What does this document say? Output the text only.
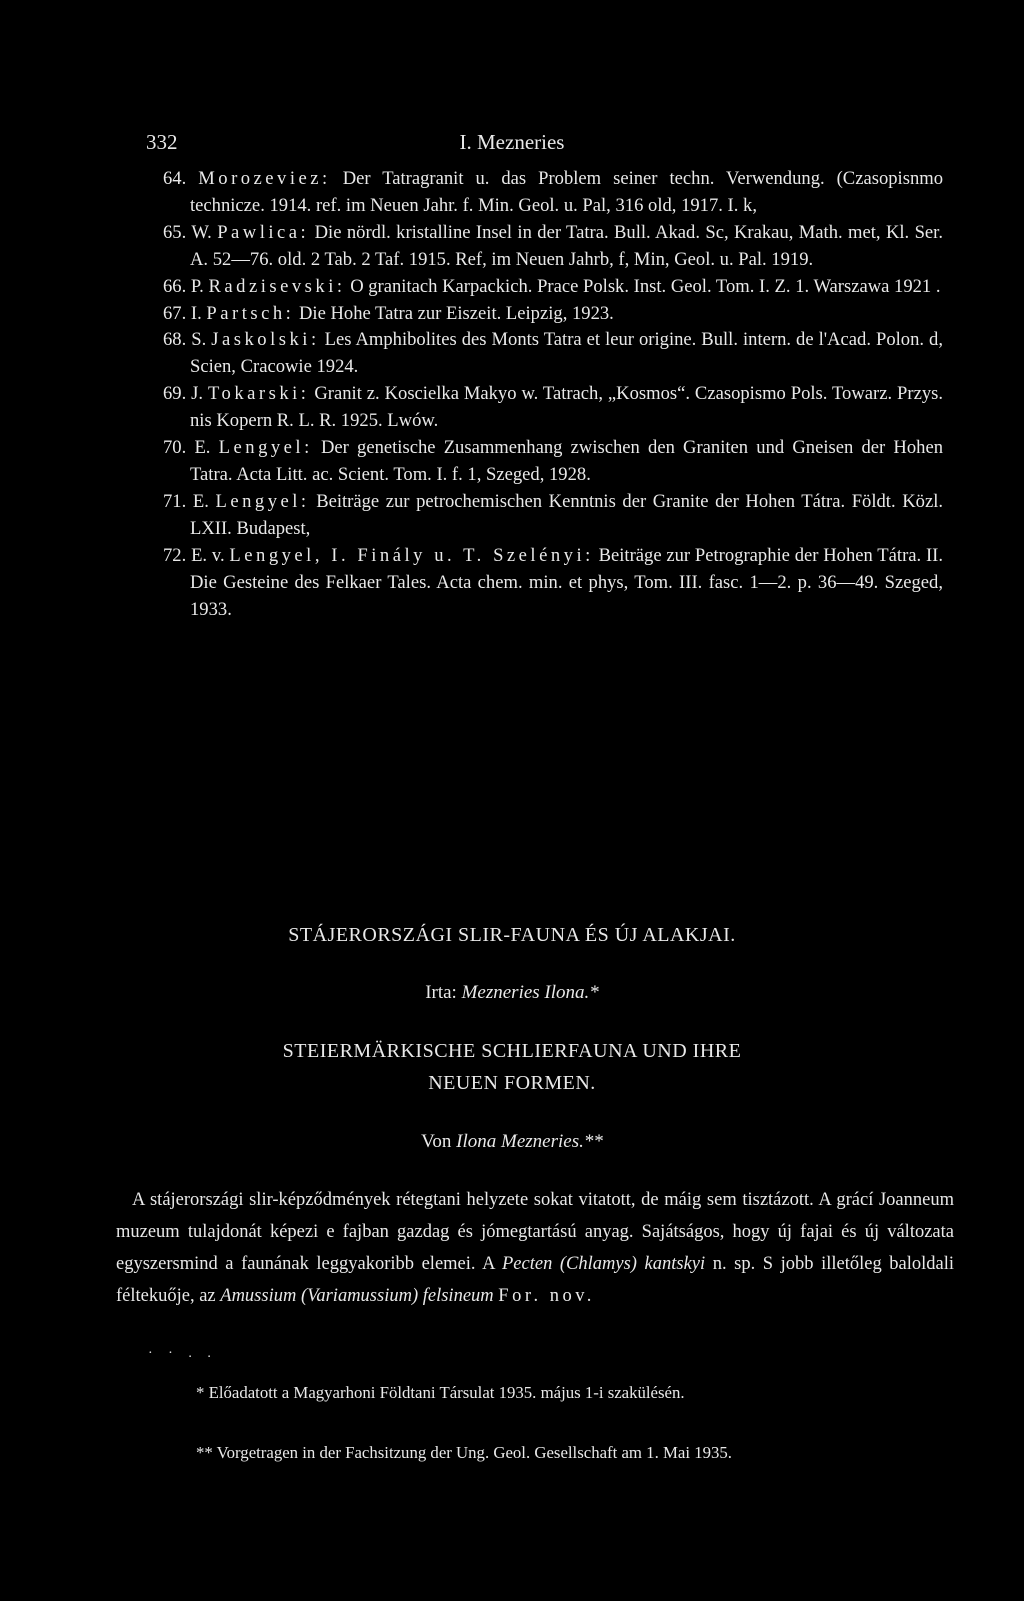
332	I. Mezneries
64. Morozeviez: Der Tatragranit u. das Problem seiner techn. Verwendung. (Czasopisnmo technicze. 1914. ref. im Neuen Jahr. f. Min. Geol. u. Pal, 316 old, 1917. I. k,
65. W. Pawlica: Die nördl. kristalline Insel in der Tatra. Bull. Akad. Sc, Krakau, Math. met, Kl. Ser. A. 52—76. old. 2 Tab. 2 Taf. 1915. Ref, im Neuen Jahrb, f, Min, Geol. u. Pal. 1919.
66. P. Radzisevski: O granitach Karpackich. Prace Polsk. Inst. Geol. Tom. I. Z. 1. Warszawa 1921 .
67. I. Partsch: Die Hohe Tatra zur Eiszeit. Leipzig, 1923.
68. S. Jaskolski: Les Amphibolites des Monts Tatra et leur origine. Bull. intern. de l'Acad. Polon. d, Scien, Cracowie 1924.
69. J. Tokarski: Granit z. Koscielka Makyo w. Tatrach, „Kosmos“. Czasopismo Pols. Towarz. Przys. nis Kopern R. L. R. 1925. Lwów.
70. E. Lengyel: Der genetische Zusammenhang zwischen den Graniten und Gneisen der Hohen Tatra. Acta Litt. ac. Scient. Tom. I. f. 1, Szeged, 1928.
71. E. Lengyel: Beiträge zur petrochemischen Kenntnis der Granite der Hohen Tátra. Földt. Közl. LXII. Budapest,
72. E. v. Lengyel, I. Finály u. T. Szelényi: Beiträge zur Petrographie der Hohen Tátra. II. Die Gesteine des Felkaer Tales. Acta chem. min. et phys, Tom. III. fasc. 1—2. p. 36—49. Szeged, 1933.
STÁJERORSZÁGI SLIR-FAUNA ÉS ÚJ ALAKJAI.
Irta: Mezneries Ilona.*
STEIERMÄRKISCHE SCHLIERFAUNA UND IHRE
NEUEN FORMEN.
Von Ilona Mezneries.**

A stájerországi slir-képződmények rétegtani helyzete sokat vitatott, de máig sem tisztázott. A grácí Joanneum muzeum tulajdonát képezi e fajban gazdag és jómegtartású anyag. Sajátságos, hogy új fajai és új változata egyszersmind a faunának leggyakoribb elemei. A Pecten (Chlamys) kantskyi n. sp. S jobb illetőleg baloldali féltekuője, az Amussium (Variamussium) felsineum For. nov.

· · . .

* Előadatott a Magyarhoni Földtani Társulat 1935. május 1-i szakülésén.

** Vorgetragen in der Fachsitzung der Ung. Geol. Gesellschaft am 1. Mai 1935.
